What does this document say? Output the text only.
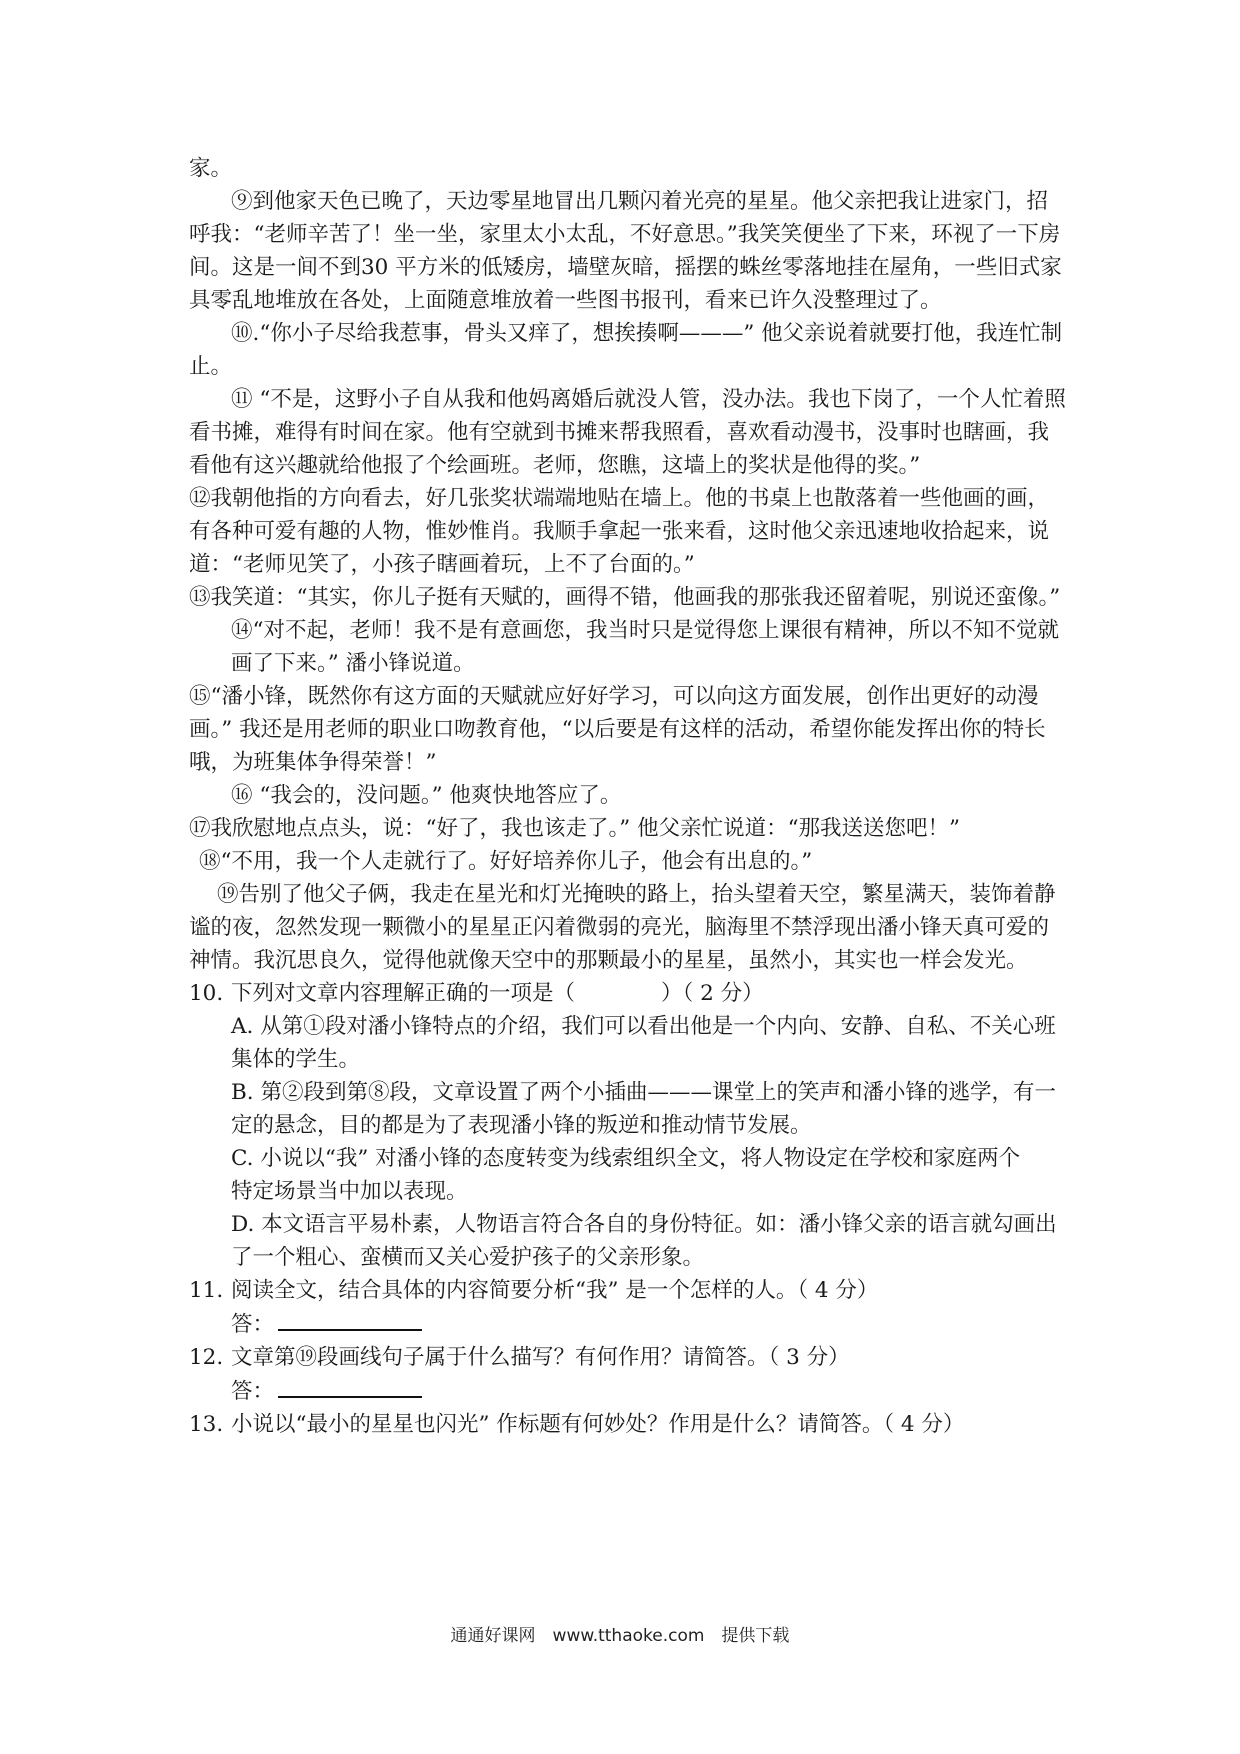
家。

⑨到他家天色已晚了，天边零星地冒出几颗闪着光亮的星星。他父亲把我让进家门，招呼我：“老师辛苦了！坐一坐，家里太小太乱，不好意思。”我笑笑便坐了下来，环视了一下房间。这是一间不到30 平方米的低矮房，墙壁灰暗，摇摆的蛛丝零落地挂在屋角，一些旧式家具零乱地堆放在各处，上面随意堆放着一些图书报刊，看来已许久没整理过了。

⑩.“你小子尽给我惹事，骨头又痒了，想挨揍啊———” 他父亲说着就要打他，我连忙制止。

⑪ “不是，这野小子自从我和他妈离婚后就没人管，没办法。我也下岗了，一个人忙着照看书摊，难得有时间在家。他有空就到书摊来帮我照看，喜欢看动漫书，没事时也瞎画，我看他有这兴趣就给他报了个绘画班。老师，您瞧，这墙上的奖状是他得的奖。”

⑫我朝他指的方向看去，好几张奖状端端地贴在墙上。他的书桌上也散落着一些他画的画，有各种可爱有趣的人物，惟妙惟肖。我顺手拿起一张来看，这时他父亲迅速地收拾起来，说道：“老师见笑了，小孩子瞎画着玩，上不了台面的。”

⑬我笑道：“其实，你儿子挺有天赋的，画得不错，他画我的那张我还留着呢，别说还蛮像。”

⑭“对不起，老师！我不是有意画您，我当时只是觉得您上课很有精神，所以不知不觉就画了下来。” 潘小锋说道。

⑮“潘小锋，既然你有这方面的天赋就应好好学习，可以向这方面发展，创作出更好的动漫画。” 我还是用老师的职业口吻教育他，“以后要是有这样的活动，希望你能发挥出你的特长哦，为班集体争得荣誉！”

⑯ “我会的，没问题。” 他爽快地答应了。

⑰我欣慰地点点头，说：“好了，我也该走了。” 他父亲忙说道：“那我送送您吧！”

⑱“不用，我一个人走就行了。好好培养你儿子，他会有出息的。”

⑲告别了他父子俩，我走在星光和灯光掩映的路上，抬头望着天空，繁星满天，装饰着静谧的夜，忽然发现一颗微小的星星正闪着微弱的亮光，脑海里不禁浮现出潘小锋天真可爱的神情。我沉思良久，觉得他就像天空中的那颗最小的星星，虽然小，其实也一样会发光。

10. 下列对文章内容理解正确的一项是（　　　　）（ 2 分）

A. 从第①段对潘小锋特点的介绍，我们可以看出他是一个内向、安静、自私、不关心班集体的学生。

B. 第②段到第⑧段，文章设置了两个小插曲———课堂上的笑声和潘小锋的逃学，有一

定的悬念，目的都是为了表现潘小锋的叛逆和推动情节发展。

C. 小说以“我” 对潘小锋的态度转变为线索组织全文，将人物设定在学校和家庭两个

特定场景当中加以表现。

D. 本文语言平易朴素，人物语言符合各自的身份特征。如：潘小锋父亲的语言就勾画出了一个粗心、蛮横而又关心爱护孩子的父亲形象。

11. 阅读全文，结合具体的内容简要分析“我” 是一个怎样的人。（ 4 分）

答：

12. 文章第⑲段画线句子属于什么描写？有何作用？请简答。（ 3 分）

答：

13. 小说以“最小的星星也闪光” 作标题有何妙处？作用是什么？请简答。（ 4 分）
通通好课网　www.tthaoke.com　提供下载
